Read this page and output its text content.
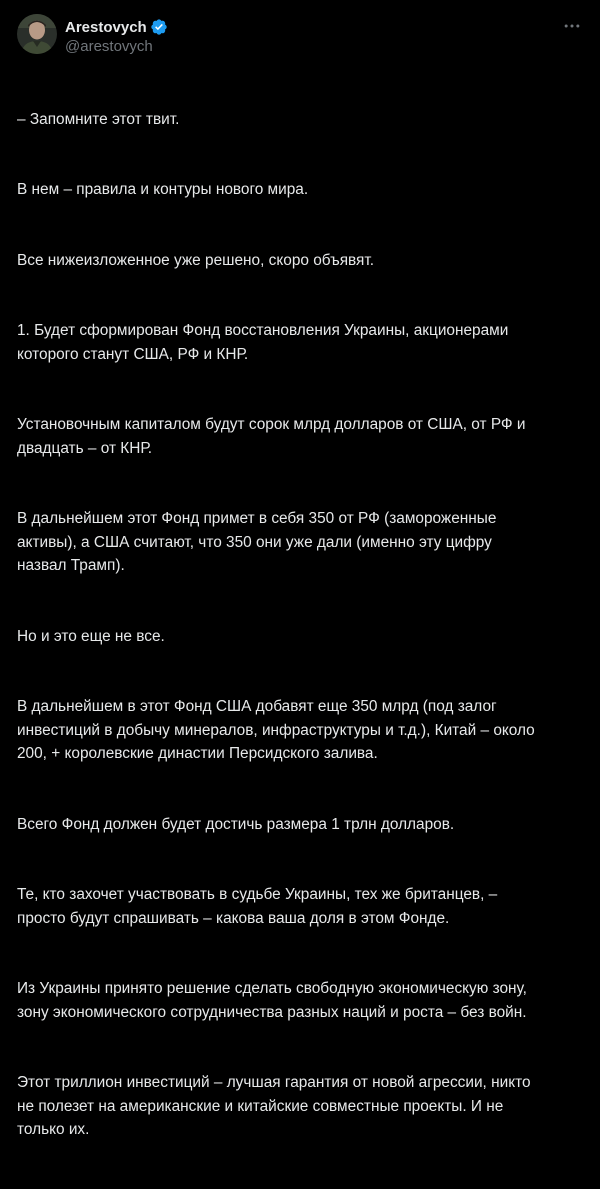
Arestovych
@arestovych

– Запомните этот твит.

В нем – правила и контуры нового мира.

Все нижеизложенное уже решено, скоро объявят.

1. Будет сформирован Фонд восстановления Украины, акционерами
которого станут США, РФ и КНР.

Установочным капиталом будут сорок млрд долларов от США, от РФ и
двадцать – от КНР.

В дальнейшем этот Фонд примет в себя 350 от РФ (замороженные
активы), а США считают, что 350 они уже дали (именно эту цифру
назвал Трамп).

Но и это еще не все.

В дальнейшем в этот Фонд США добавят еще 350 млрд (под залог
инвестиций в добычу минералов, инфраструктуры и т.д.), Китай – около
200, + королевские династии Персидского залива.

Всего Фонд должен будет достичь размера 1 трлн долларов.

Те, кто захочет участвовать в судьбе Украины, тех же британцев, –
просто будут спрашивать – какова ваша доля в этом Фонде.

Из Украины принято решение сделать свободную экономическую зону,
зону экономического сотрудничества разных наций и роста – без войн.

Этот триллион инвестиций – лучшая гарантия от новой агрессии, никто
не полезет на американские и китайские совместные проекты. И не
только их.
